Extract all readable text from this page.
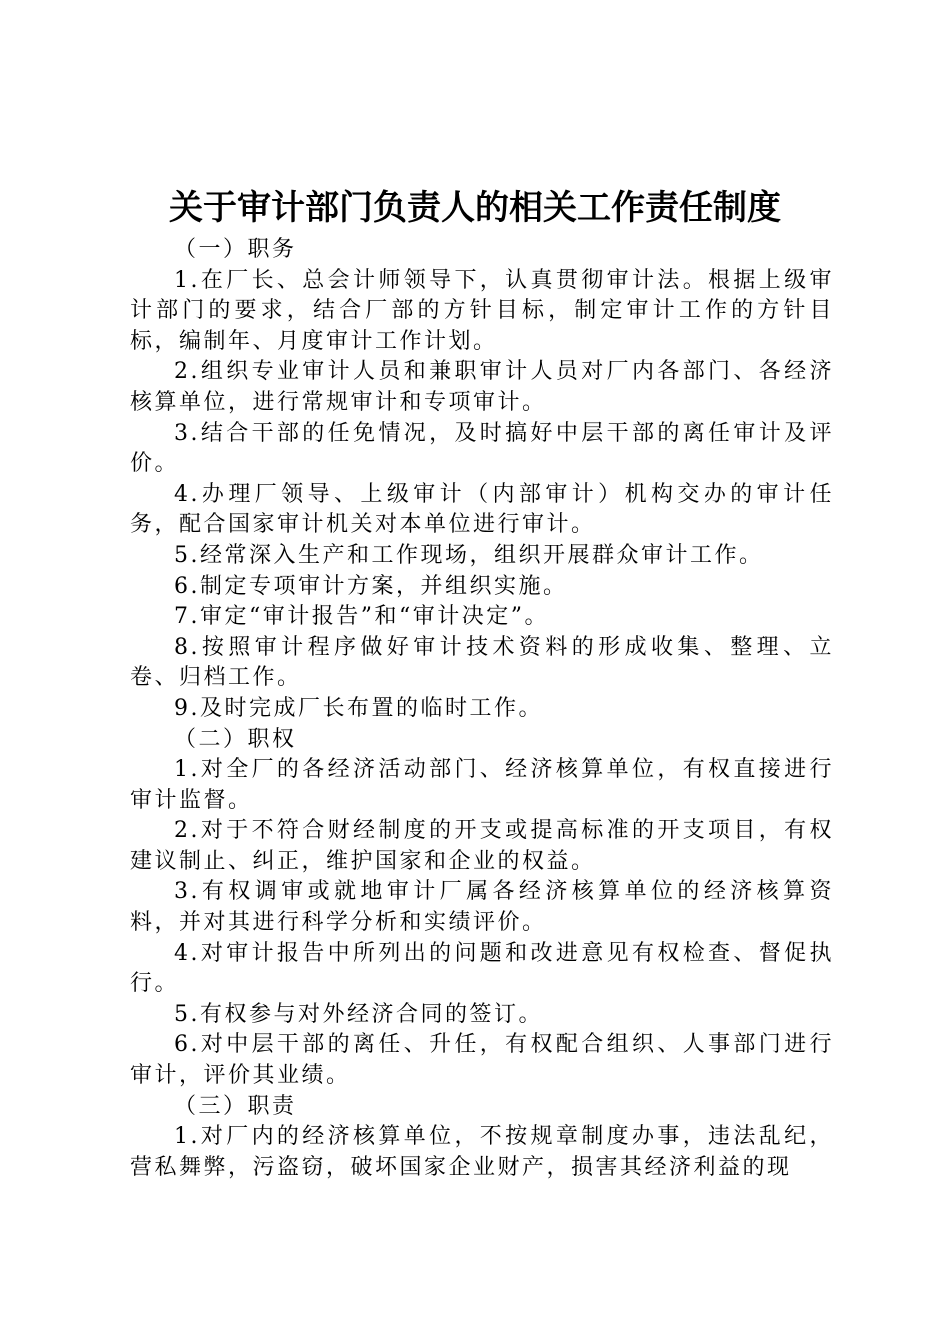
关于审计部门负责人的相关工作责任制度

（一）职务

1.在厂长、总会计师领导下，认真贯彻审计法。根据上级审计部门的要求，结合厂部的方针目标，制定审计工作的方针目标，编制年、月度审计工作计划。

2.组织专业审计人员和兼职审计人员对厂内各部门、各经济核算单位，进行常规审计和专项审计。

3.结合干部的任免情况，及时搞好中层干部的离任审计及评价。

4.办理厂领导、上级审计（内部审计）机构交办的审计任务，配合国家审计机关对本单位进行审计。

5.经常深入生产和工作现场，组织开展群众审计工作。

6.制定专项审计方案，并组织实施。

7.审定“审计报告”和“审计决定”。

8.按照审计程序做好审计技术资料的形成收集、整理、立卷、归档工作。

9.及时完成厂长布置的临时工作。

（二）职权

1.对全厂的各经济活动部门、经济核算单位，有权直接进行审计监督。

2.对于不符合财经制度的开支或提高标准的开支项目，有权建议制止、纠正，维护国家和企业的权益。

3.有权调审或就地审计厂属各经济核算单位的经济核算资料，并对其进行科学分析和实绩评价。

4.对审计报告中所列出的问题和改进意见有权检查、督促执行。

5.有权参与对外经济合同的签订。

6.对中层干部的离任、升任，有权配合组织、人事部门进行审计，评价其业绩。

（三）职责

1.对厂内的经济核算单位，不按规章制度办事，违法乱纪，营私舞弊，污盗窃，破坏国家企业财产，损害其经济利益的现
